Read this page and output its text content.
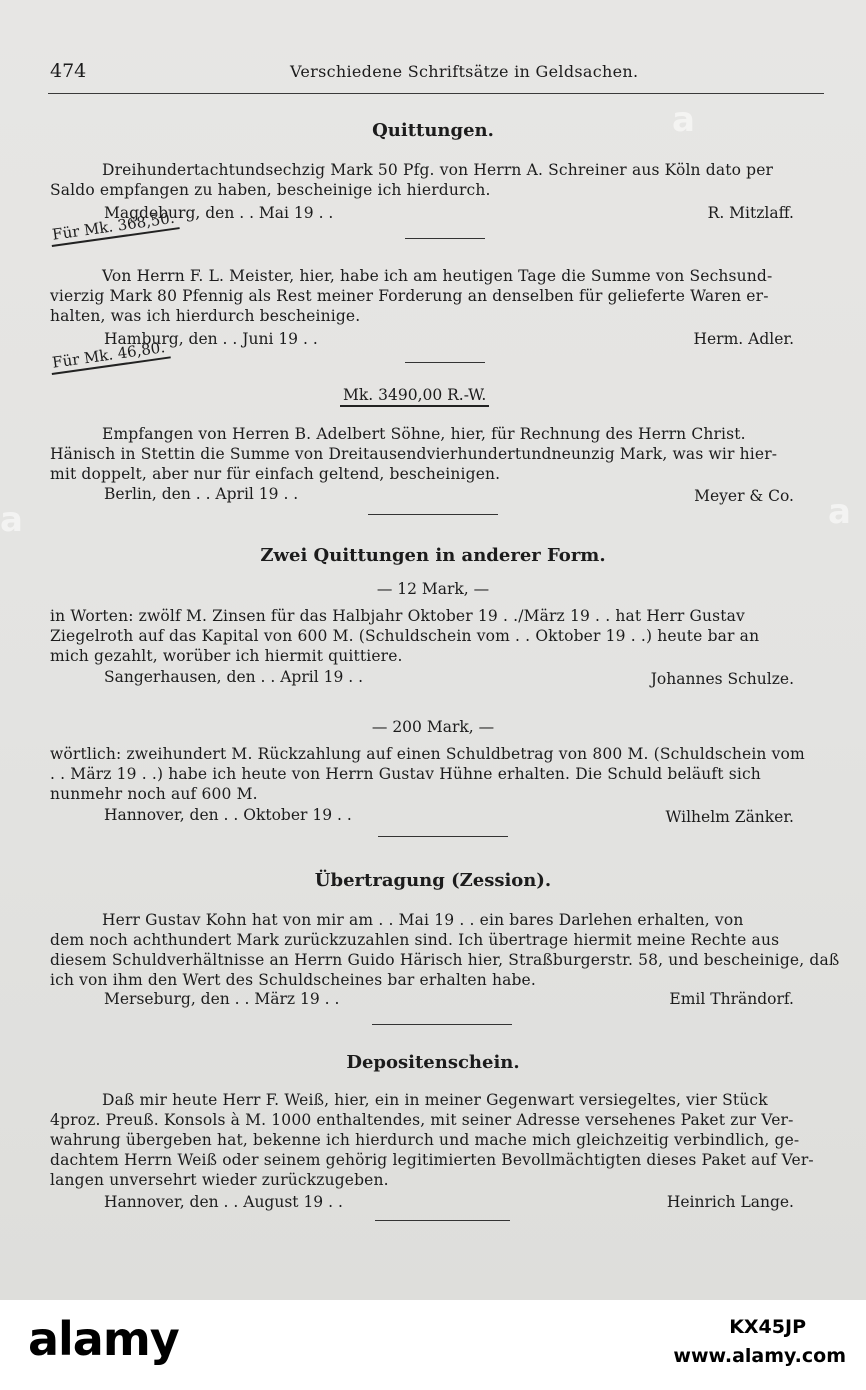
474	Verschiedene Schriftsätze in Geldsachen.
Quittungen.
Dreihundertachtundsechzig Mark 50 Pfg. von Herrn A. Schreiner aus Köln dato per
Saldo empfangen zu haben, bescheinige ich hierdurch.
Magdeburg, den . . Mai 19 . .	R. Mitzlaff.
Für Mk. 368,50.
Von Herrn F. L. Meister, hier, habe ich am heutigen Tage die Summe von Sechsund-
vierzig Mark 80 Pfennig als Rest meiner Forderung an denselben für gelieferte Waren er-
halten, was ich hierdurch bescheinige.
Hamburg, den . . Juni 19 . .	Herm. Adler.
Für Mk. 46,80.
Mk. 3490,00 R.-W.
Empfangen von Herren B. Adelbert Söhne, hier, für Rechnung des Herrn Christ.
Hänisch in Stettin die Summe von Dreitausendvierhundertundneunzig Mark, was wir hier-
mit doppelt, aber nur für einfach geltend, bescheinigen.
Berlin, den . . April 19 . .	Meyer & Co.
Zwei Quittungen in anderer Form.
— 12 Mark, —
in Worten: zwölf M. Zinsen für das Halbjahr Oktober 19 . ./März 19 . . hat Herr Gustav
Ziegelroth auf das Kapital von 600 M. (Schuldschein vom . . Oktober 19 . .) heute bar an
mich gezahlt, worüber ich hiermit quittiere.
Sangerhausen, den . . April 19 . .	Johannes Schulze.
— 200 Mark, —
wörtlich: zweihundert M. Rückzahlung auf einen Schuldbetrag von 800 M. (Schuldschein vom
. . März 19 . .) habe ich heute von Herrn Gustav Hühne erhalten. Die Schuld beläuft sich
nunmehr noch auf 600 M.
Hannover, den . . Oktober 19 . .	Wilhelm Zänker.
Übertragung (Zession).
Herr Gustav Kohn hat von mir am . . Mai 19 . . ein bares Darlehen erhalten, von
dem noch achthundert Mark zurückzuzahlen sind. Ich übertrage hiermit meine Rechte aus
diesem Schuldverhältnisse an Herrn Guido Härisch hier, Straßburgerstr. 58, und bescheinige, daß
ich von ihm den Wert des Schuldscheines bar erhalten habe.
Merseburg, den . . März 19 . .	Emil Thrändorf.
Depositenschein.
Daß mir heute Herr F. Weiß, hier, ein in meiner Gegenwart versiegeltes, vier Stück
4proz. Preuß. Konsols à M. 1000 enthaltendes, mit seiner Adresse versehenes Paket zur Ver-
wahrung übergeben hat, bekenne ich hierdurch und mache mich gleichzeitig verbindlich, ge-
dachtem Herrn Weiß oder seinem gehörig legitimierten Bevollmächtigten dieses Paket auf Ver-
langen unversehrt wieder zurückzugeben.
Hannover, den . . August 19 . .	Heinrich Lange.
a
a	a
alamy	KX45JP
www.alamy.com
